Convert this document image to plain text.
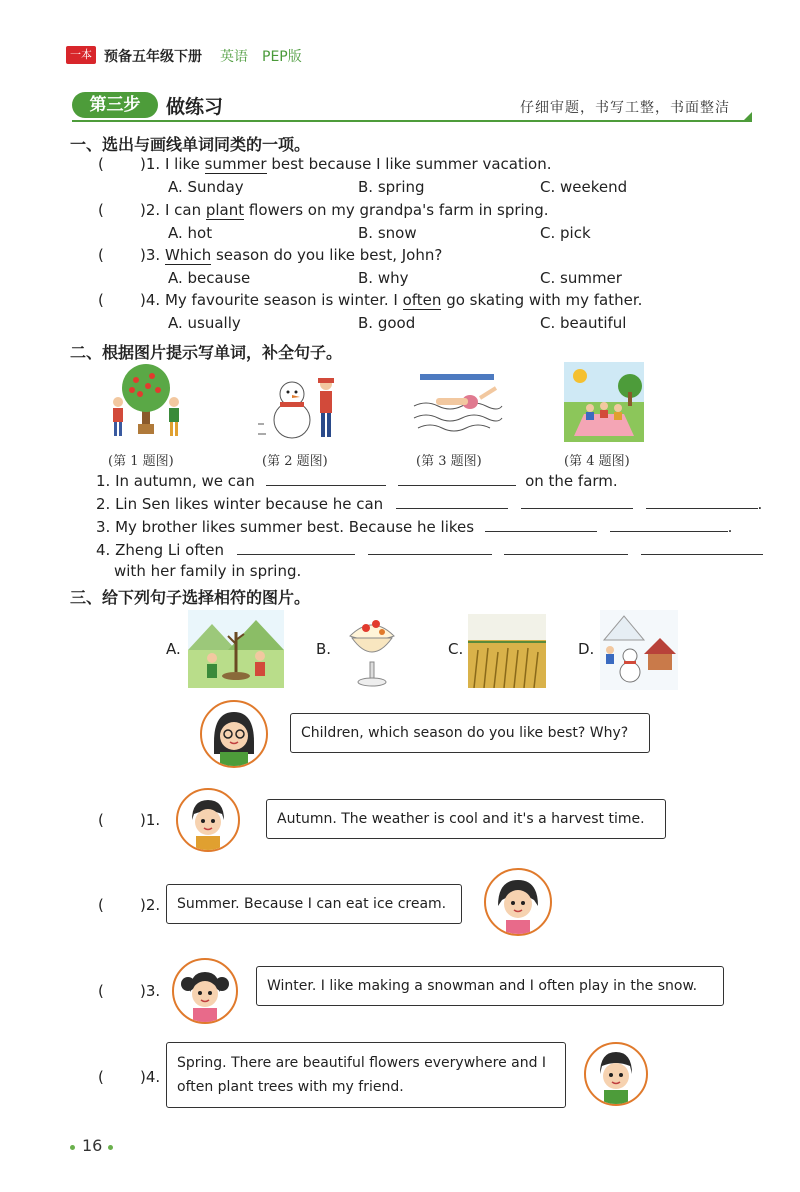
一本 预备五年级下册 英语 PEP版
第三步	做练习	仔细审题，书写工整，书面整洁
一、选出与画线单词同类的一项。
( )1. I like summer best because I like summer vacation.
A. Sunday	B. spring	C. weekend
( )2. I can plant flowers on my grandpa's farm in spring.
A. hot	B. snow	C. pick
( )3. Which season do you like best, John?
A. because	B. why	C. summer
( )4. My favourite season is winter. I often go skating with my father.
A. usually	B. good	C. beautiful
二、根据图片提示写单词，补全句子。
(第 1 题图)	(第 2 题图)	(第 3 题图)	(第 4 题图)
1. In autumn, we can	on the farm.
2. Lin Sen likes winter because he can	.
3. My brother likes summer best. Because he likes	.
4. Zheng Li often
with her family in spring.
三、给下列句子选择相符的图片。
A.	B.	C.	D.
Children, which season do you like best? Why?
( )1.	Autumn. The weather is cool and it's a harvest time.
( )2. Summer. Because I can eat ice cream.
( )3.	Winter. I like making a snowman and I often play in the snow.
( )4.
Spring. There are beautiful flowers everywhere and I
often plant trees with my friend.
16
